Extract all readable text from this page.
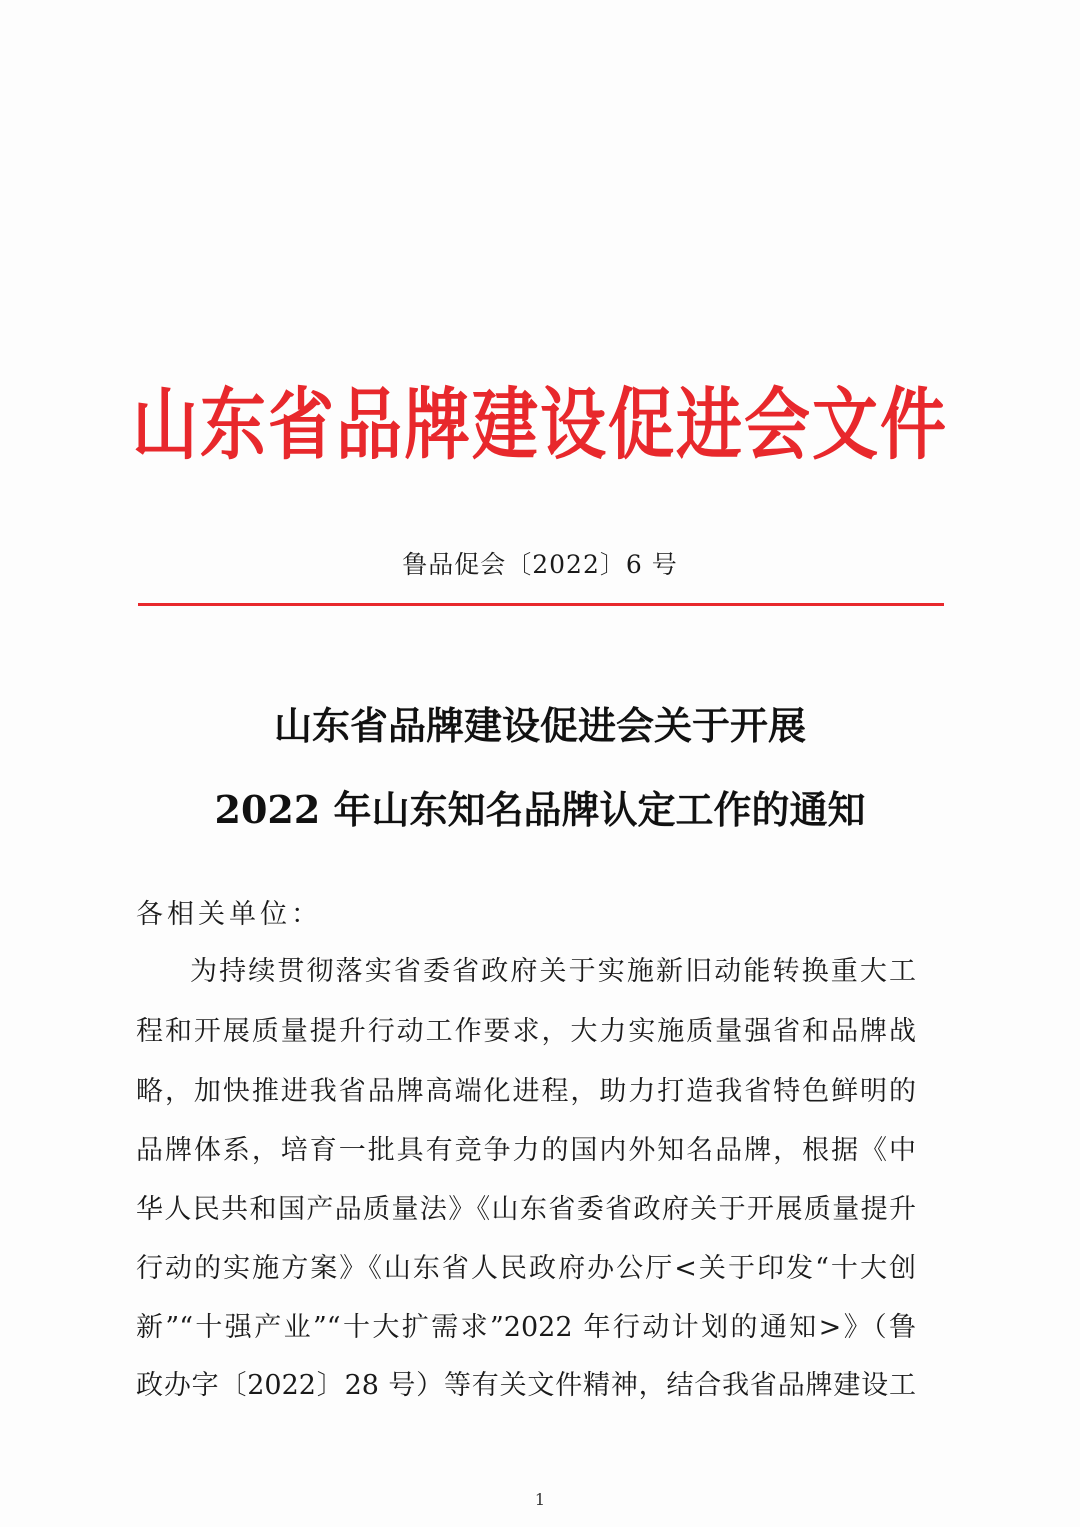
山东省品牌建设促进会文件
鲁品促会〔2022〕6 号
山东省品牌建设促进会关于开展
2022 年山东知名品牌认定工作的通知
各相关单位：
为持续贯彻落实省委省政府关于实施新旧动能转换重大工
程和开展质量提升行动工作要求，大力实施质量强省和品牌战
略，加快推进我省品牌高端化进程，助力打造我省特色鲜明的
品牌体系，培育一批具有竞争力的国内外知名品牌，根据《中
华人民共和国产品质量法》《山东省委省政府关于开展质量提升
行动的实施方案》《山东省人民政府办公厅<关于印发“十大创
新”“十强产业”“十大扩需求”2022 年行动计划的通知>》（鲁
政办字〔2022〕28 号）等有关文件精神，结合我省品牌建设工
1
